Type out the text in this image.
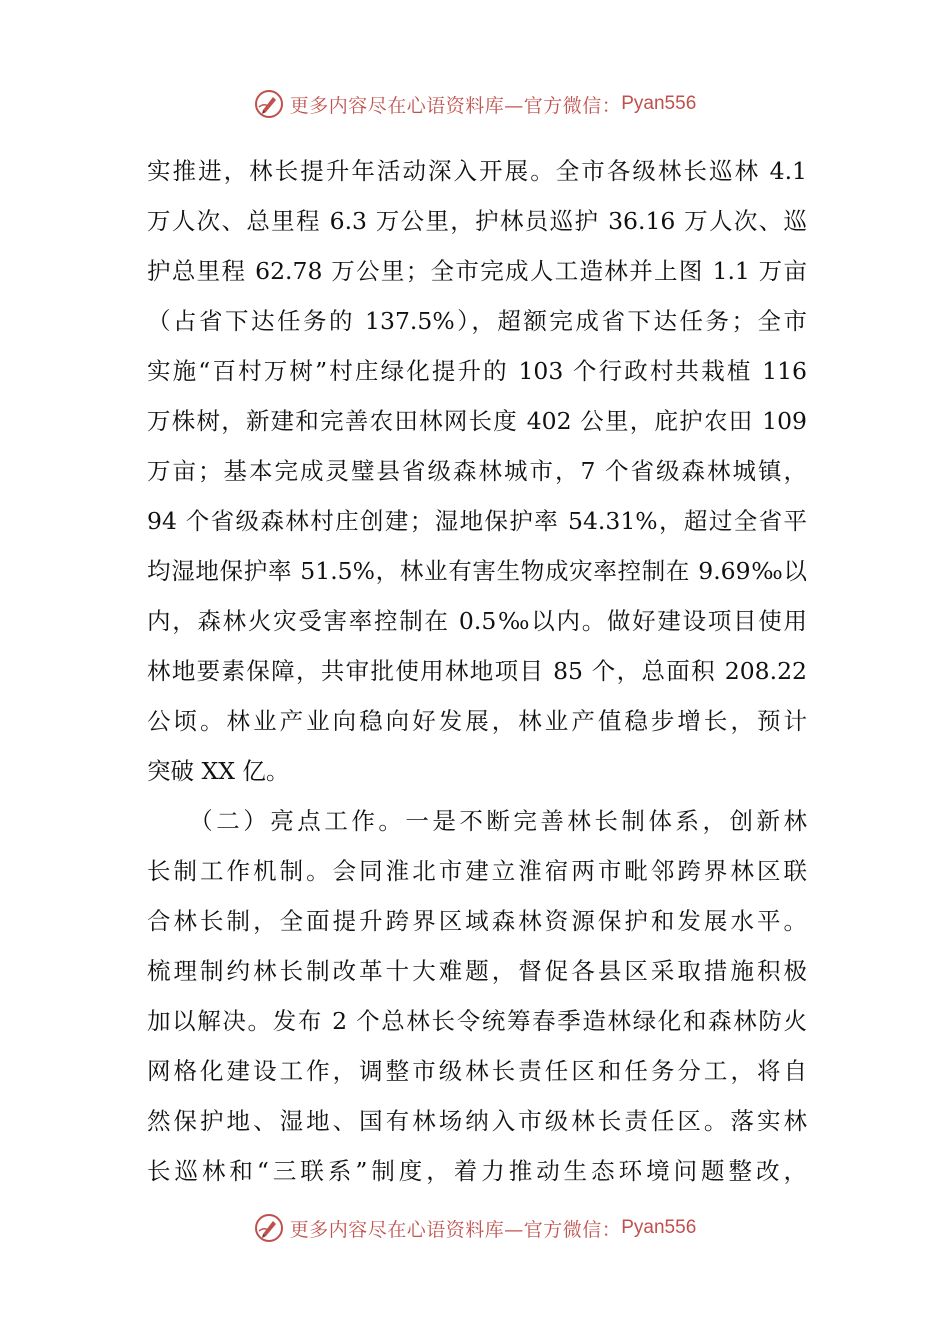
更多内容尽在心语资料库—官方微信： Pyan556
实推进，林长提升年活动深入开展。全市各级林长巡林 4.1
万人次、总里程 6.3 万公里，护林员巡护 36.16 万人次、巡
护总里程 62.78 万公里；全市完成人工造林并上图 1.1 万亩
（占省下达任务的 137.5%），超额完成省下达任务；全市
实施“百村万树”村庄绿化提升的 103 个行政村共栽植 116
万株树，新建和完善农田林网长度 402 公里，庇护农田 109
万亩；基本完成灵璧县省级森林城市，7 个省级森林城镇，
94 个省级森林村庄创建；湿地保护率 54.31%，超过全省平
均湿地保护率 51.5%，林业有害生物成灾率控制在 9.69‰以
内，森林火灾受害率控制在 0.5‰以内。做好建设项目使用
林地要素保障，共审批使用林地项目 85 个，总面积 208.22
公顷。林业产业向稳向好发展，林业产值稳步增长，预计
突破 XX 亿。
　　（二）亮点工作。一是不断完善林长制体系，创新林
长制工作机制。会同淮北市建立淮宿两市毗邻跨界林区联
合林长制，全面提升跨界区域森林资源保护和发展水平。
梳理制约林长制改革十大难题，督促各县区采取措施积极
加以解决。发布 2 个总林长令统筹春季造林绿化和森林防火
网格化建设工作，调整市级林长责任区和任务分工，将自
然保护地、湿地、国有林场纳入市级林长责任区。落实林
长巡林和“三联系”制度，着力推动生态环境问题整改，
更多内容尽在心语资料库—官方微信： Pyan556
